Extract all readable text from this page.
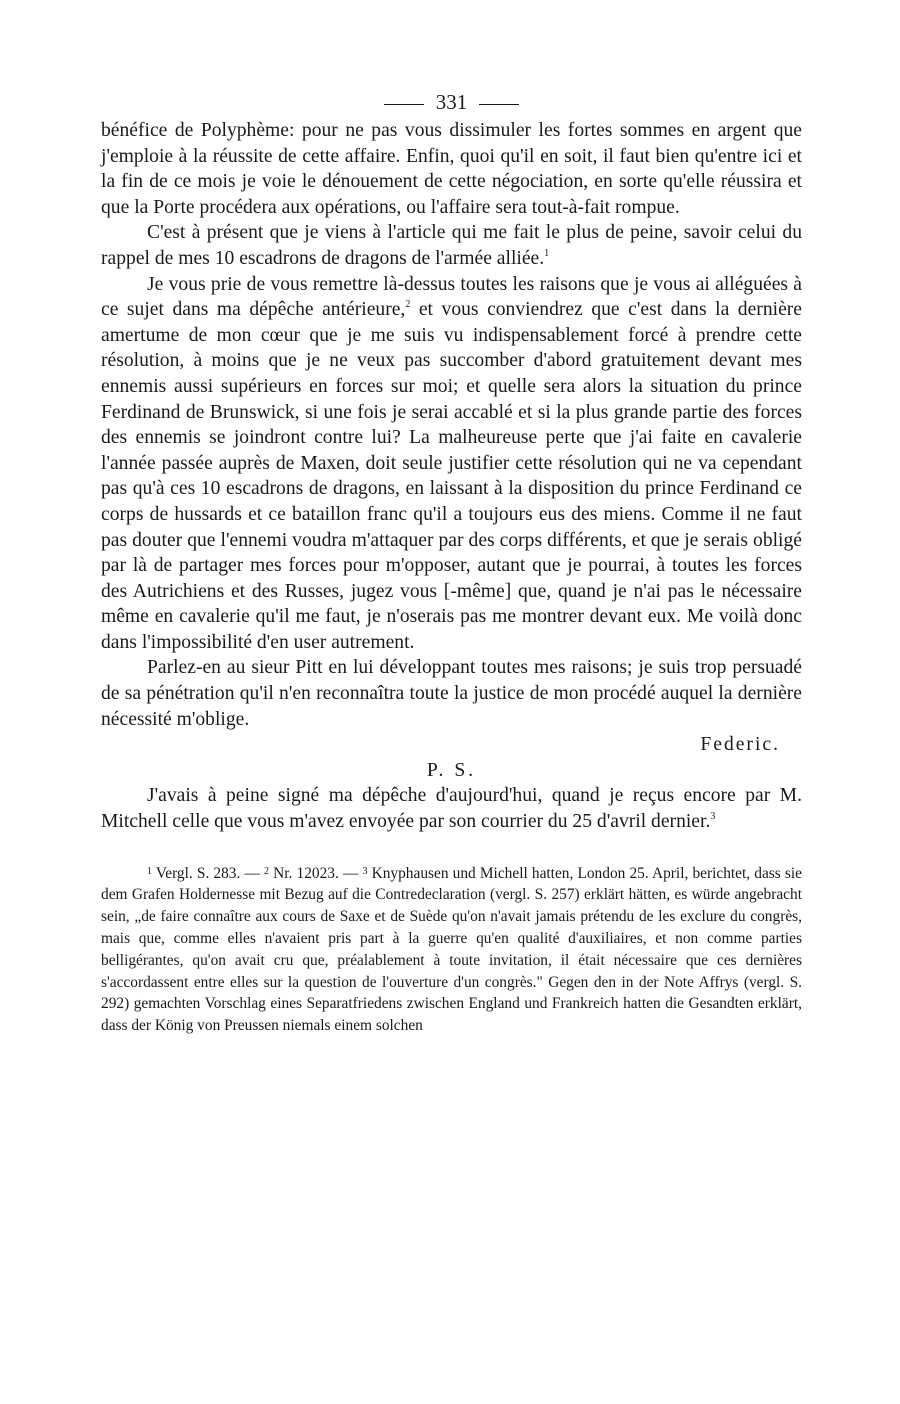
331

bénéfice de Polyphème: pour ne pas vous dissimuler les fortes sommes en argent que j'emploie à la réussite de cette affaire. Enfin, quoi qu'il en soit, il faut bien qu'entre ici et la fin de ce mois je voie le dénouement de cette négociation, en sorte qu'elle réussira et que la Porte procédera aux opérations, ou l'affaire sera tout-à-fait rompue.

C'est à présent que je viens à l'article qui me fait le plus de peine, savoir celui du rappel de mes 10 escadrons de dragons de l'armée alliée.$^1$

Je vous prie de vous remettre là-dessus toutes les raisons que je vous ai alléguées à ce sujet dans ma dépêche antérieure,$^2$ et vous conviendrez que c'est dans la dernière amertume de mon cœur que je me suis vu indispensablement forcé à prendre cette résolution, à moins que je ne veux pas succomber d'abord gratuitement devant mes ennemis aussi supérieurs en forces sur moi; et quelle sera alors la situation du prince Ferdinand de Brunswick, si une fois je serai accablé et si la plus grande partie des forces des ennemis se joindront contre lui? La malheureuse perte que j'ai faite en cavalerie l'année passée auprès de Maxen, doit seule justifier cette résolution qui ne va cependant pas qu'à ces 10 escadrons de dragons, en laissant à la disposition du prince Ferdinand ce corps de hussards et ce bataillon franc qu'il a toujours eus des miens. Comme il ne faut pas douter que l'ennemi voudra m'attaquer par des corps différents, et que je serais obligé par là de partager mes forces pour m'opposer, autant que je pourrai, à toutes les forces des Autrichiens et des Russes, jugez vous [-même] que, quand je n'ai pas le nécessaire même en cavalerie qu'il me faut, je n'oserais pas me montrer devant eux. Me voilà donc dans l'impossibilité d'en user autrement.

Parlez-en au sieur Pitt en lui développant toutes mes raisons; je suis trop persuadé de sa pénétration qu'il n'en reconnaîtra toute la justice de mon procédé auquel la dernière nécessité m'oblige.

Federic.

P. S.

J'avais à peine signé ma dépêche d'aujourd'hui, quand je reçus encore par M. Mitchell celle que vous m'avez envoyée par son courrier du 25 d'avril dernier.$^3$

$^1$ Vergl. S. 283. — $^2$ Nr. 12023. — $^3$ Knyphausen und Michell hatten, London 25. April, berichtet, dass sie dem Grafen Holdernesse mit Bezug auf die Contredeclaration (vergl. S. 257) erklärt hätten, es würde angebracht sein, „de faire connaître aux cours de Saxe et de Suède qu'on n'avait jamais prétendu de les exclure du congrès, mais que, comme elles n'avaient pris part à la guerre qu'en qualité d'auxiliaires, et non comme parties belligérantes, qu'on avait cru que, préalablement à toute invitation, il était nécessaire que ces dernières s'accordassent entre elles sur la question de l'ouverture d'un congrès." Gegen den in der Note Affrys (vergl. S. 292) gemachten Vorschlag eines Separatfriedens zwischen England und Frankreich hatten die Gesandten erklärt, dass der König von Preussen niemals einem solchen
